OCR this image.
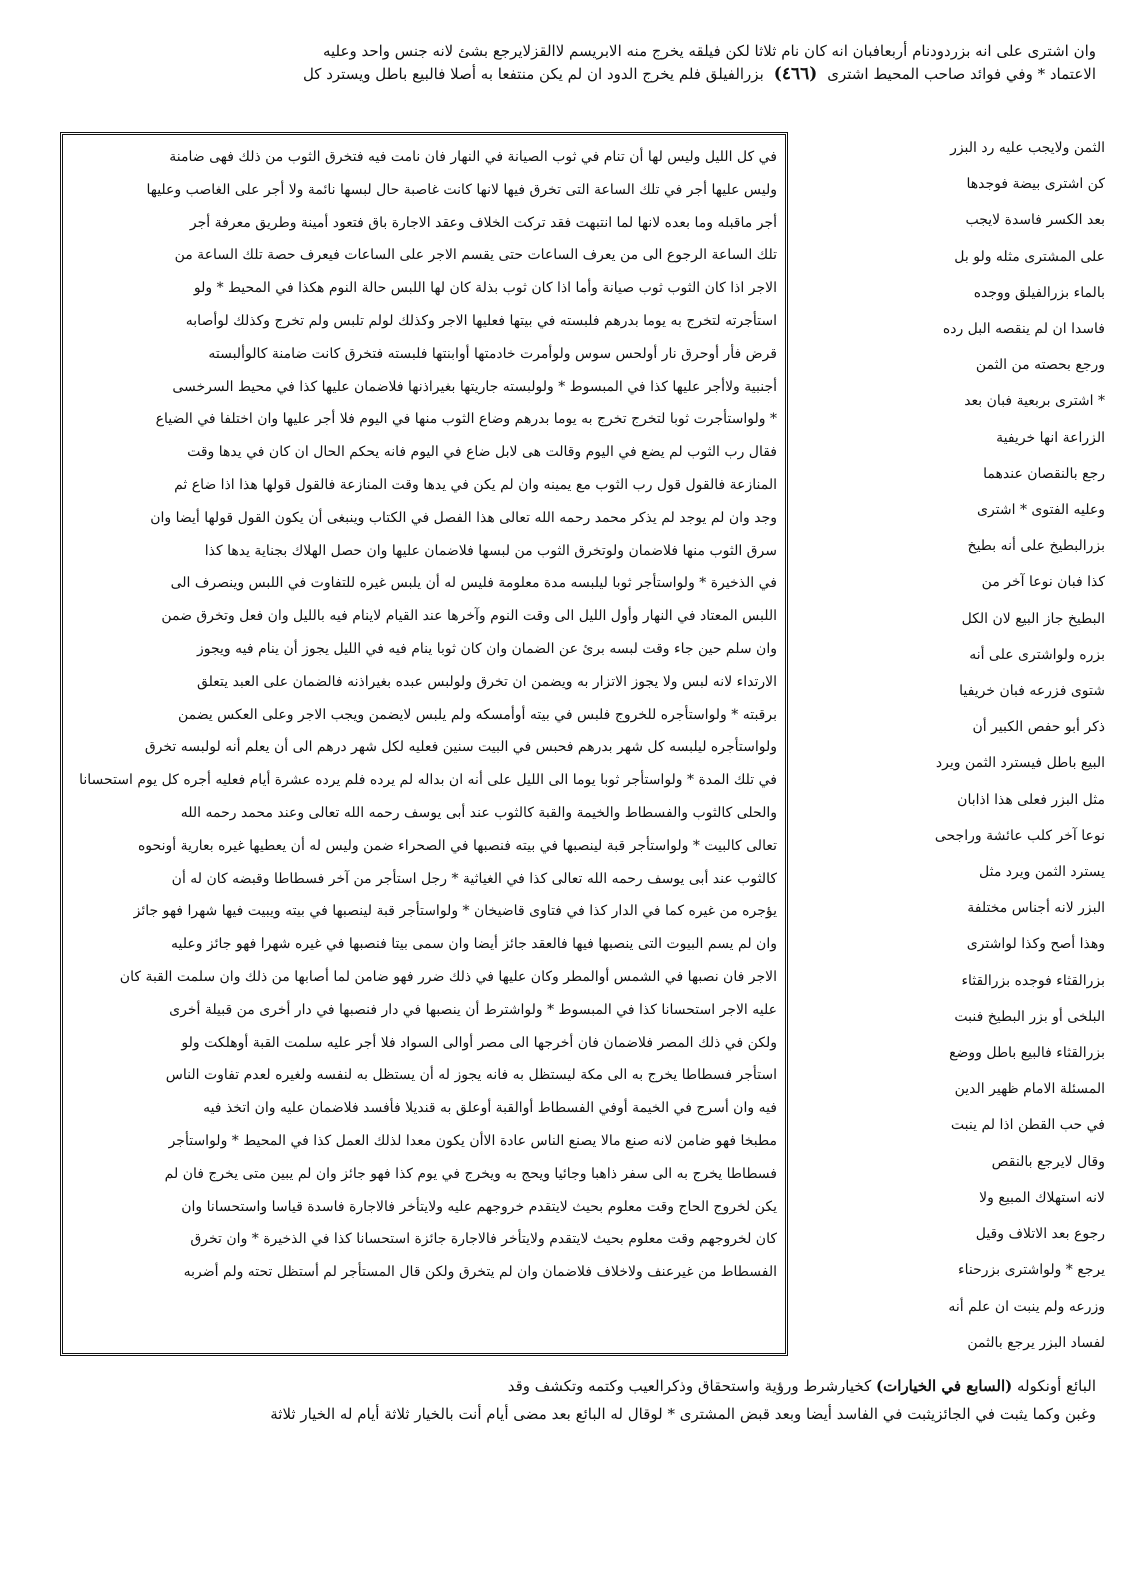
وان اشترى على انه بزردودنام أربعافبان انه كان نام ثلاثا لكن فيلقه يخرج منه الابريسم لاالقزلايرجع بشئ لانه جنس واحد وعليه
الاعتماد * وفي فوائد صاحب المحيط اشترى(٤٦٦)بزرالفيلق فلم يخرج الدود ان لم يكن منتفعا به أصلا فالبيع باطل ويسترد كل
الثمن ولايجب عليه رد البزر
كن اشترى بيضة فوجدها
بعد الكسر فاسدة لايجب
على المشترى مثله ولو بل
بالماء بزرالفيلق ووجده
فاسدا ان لم ينقصه البل رده
ورجع بحصته من الثمن
* اشترى بربعية فبان بعد
الزراعة انها خريفية
رجع بالنقصان عندهما
وعليه الفتوى * اشترى
بزرالبطيخ على أنه بطيخ
كذا فبان نوعا آخر من
البطيخ جاز البيع لان الكل
بزره ولواشترى على أنه
شتوى فزرعه فبان خريفيا
ذكر أبو حفص الكبير أن
البيع باطل فيسترد الثمن ويرد
مثل البزر فعلى هذا اذابان
نوعا آخر كلب عائشة وراجحى
يسترد الثمن ويرد مثل
البزر لانه أجناس مختلفة
وهذا أصح وكذا لواشترى
بزرالقثاء فوجده بزرالقثاء
البلخى أو بزر البطيخ فنبت
بزرالقثاء فالبيع باطل ووضع
المسئلة الامام ظهير الدين
في حب القطن اذا لم ينبت
وقال لايرجع بالنقص
لانه استهلاك المبيع ولا
رجوع بعد الاتلاف وقيل
يرجع * ولواشترى بزرحناء
وزرعه ولم ينبت ان علم أنه
لفساد البزر يرجع بالثمن
في كل الليل وليس لها أن تنام في ثوب الصيانة في النهار فان نامت فيه فتخرق الثوب من ذلك فهى ضامنة
وليس عليها أجر في تلك الساعة التى تخرق فيها لانها كانت غاصبة حال لبسها نائمة ولا أجر على الغاصب وعليها
أجر ماقبله وما بعده لانها لما انتبهت فقد تركت الخلاف وعقد الاجارة باق فتعود أمينة وطريق معرفة أجر
تلك الساعة الرجوع الى من يعرف الساعات حتى يقسم الاجر على الساعات فيعرف حصة تلك الساعة من
الاجر اذا كان الثوب ثوب صيانة وأما اذا كان ثوب بذلة كان لها اللبس حالة النوم هكذا في المحيط * ولو
استأجرته لتخرج به يوما بدرهم فلبسته في بيتها فعليها الاجر وكذلك لولم تلبس ولم تخرج وكذلك لوأصابه
قرض فأر أوحرق نار أولحس سوس ولوأمرت خادمتها أوابنتها فلبسته فتخرق كانت ضامنة كالوألبسته
أجنبية ولاأجر عليها كذا في المبسوط * ولولبسته جاريتها بغيراذنها فلاضمان عليها كذا في محيط السرخسى
* ولواستأجرت ثوبا لتخرج تخرج به يوما بدرهم وضاع الثوب منها في اليوم فلا أجر عليها وان اختلفا في الضياع
فقال رب الثوب لم يضع في اليوم وقالت هى لابل ضاع في اليوم فانه يحكم الحال ان كان في يدها وقت
المنازعة فالقول قول رب الثوب مع يمينه وان لم يكن في يدها وقت المنازعة فالقول قولها هذا اذا ضاع ثم
وجد وان لم يوجد لم يذكر محمد رحمه الله تعالى هذا الفصل في الكتاب وينبغى أن يكون القول قولها أيضا وان
سرق الثوب منها فلاضمان ولوتخرق الثوب من لبسها فلاضمان عليها وان حصل الهلاك بجناية يدها كذا
في الذخيرة * ولواستأجر ثوبا ليلبسه مدة معلومة فليس له أن يلبس غيره للتفاوت في اللبس وينصرف الى
اللبس المعتاد في النهار وأول الليل الى وقت النوم وآخرها عند القيام لاينام فيه بالليل وان فعل وتخرق ضمن
وان سلم حين جاء وقت لبسه برئ عن الضمان وان كان ثوبا ينام فيه في الليل يجوز أن ينام فيه ويجوز
الارتداء لانه لبس ولا يجوز الاتزار به ويضمن ان تخرق ولولبس عبده بغيراذنه فالضمان على العبد يتعلق
برقبته * ولواستأجره للخروج فلبس في بيته أوأمسكه ولم يلبس لايضمن ويجب الاجر وعلى العكس يضمن
ولواستأجره ليلبسه كل شهر بدرهم فحبس في البيت سنين فعليه لكل شهر درهم الى أن يعلم أنه لولبسه تخرق
في تلك المدة * ولواستأجر ثوبا يوما الى الليل على أنه ان بداله لم يرده فلم يرده عشرة أيام فعليه أجره كل يوم استحسانا
والحلى كالثوب والفسطاط والخيمة والقبة كالثوب عند أبى يوسف رحمه الله تعالى وعند محمد رحمه الله
تعالى كالبيت * ولواستأجر قبة لينصبها في بيته فنصبها في الصحراء ضمن وليس له أن يعطيها غيره بعارية أونحوه
كالثوب عند أبى يوسف رحمه الله تعالى كذا في الغياثية * رجل استأجر من آخر فسطاطا وقبضه كان له أن
يؤجره من غيره كما في الدار كذا في فتاوى قاضيخان * ولواستأجر قبة لينصبها في بيته ويبيت فيها شهرا فهو جائز
وان لم يسم البيوت التى ينصبها فيها فالعقد جائز أيضا وان سمى بيتا فنصبها في غيره شهرا فهو جائز وعليه
الاجر فان نصبها في الشمس أوالمطر وكان عليها في ذلك ضرر فهو ضامن لما أصابها من ذلك وان سلمت القبة كان
عليه الاجر استحسانا كذا في المبسوط * ولواشترط أن ينصبها في دار فنصبها في دار أخرى من قبيلة أخرى
ولكن في ذلك المصر فلاضمان فان أخرجها الى مصر أوالى السواد فلا أجر عليه سلمت القبة أوهلكت ولو
استأجر فسطاطا يخرج به الى مكة ليستظل به فانه يجوز له أن يستظل به لنفسه ولغيره لعدم تفاوت الناس
فيه وان أسرج في الخيمة أوفي الفسطاط أوالقبة أوعلق به قنديلا فأفسد فلاضمان عليه وان اتخذ فيه
مطبخا فهو ضامن لانه صنع مالا يصنع الناس عادة الاأن يكون معدا لذلك العمل كذا في المحيط * ولواستأجر
فسطاطا يخرج به الى سفر ذاهبا وجائيا ويحج به ويخرج في يوم كذا فهو جائز وان لم يبين متى يخرج فان لم
يكن لخروج الحاج وقت معلوم بحيث لايتقدم خروجهم عليه ولايتأخر فالاجارة فاسدة قياسا واستحسانا وان
كان لخروجهم وقت معلوم بحيث لايتقدم ولايتأخر فالاجارة جائزة استحسانا كذا في الذخيرة * وان تخرق
الفسطاط من غيرعنف ولاخلاف فلاضمان وان لم يتخرق ولكن قال المستأجر لم أستظل تحته ولم أضربه
البائع أونكوله (السابع في الخيارات) كخيارشرط ورؤية واستحقاق وذكرالعيب وكتمه وتكشف وقد
وغبن وكما يثبت في الجائزيثبت في الفاسد أيضا وبعد قبض المشترى * لوقال له البائع بعد مضى أيام أنت بالخيار ثلاثة أيام له الخيار ثلاثة
